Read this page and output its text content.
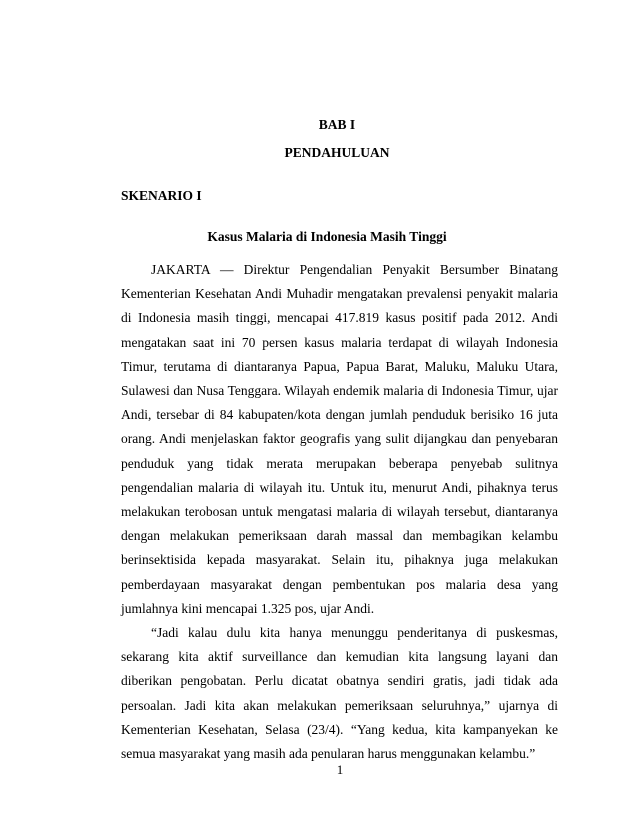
BAB I
PENDAHULUAN
SKENARIO I
Kasus Malaria di Indonesia Masih Tinggi

JAKARTA — Direktur Pengendalian Penyakit Bersumber Binatang Kementerian Kesehatan Andi Muhadir mengatakan prevalensi penyakit malaria di Indonesia masih tinggi, mencapai 417.819 kasus positif pada 2012. Andi mengatakan saat ini 70 persen kasus malaria terdapat di wilayah Indonesia Timur, terutama di diantaranya Papua, Papua Barat, Maluku, Maluku Utara, Sulawesi dan Nusa Tenggara. Wilayah endemik malaria di Indonesia Timur, ujar Andi, tersebar di 84 kabupaten/kota dengan jumlah penduduk berisiko 16 juta orang. Andi menjelaskan faktor geografis yang sulit dijangkau dan penyebaran penduduk yang tidak merata merupakan beberapa penyebab sulitnya pengendalian malaria di wilayah itu. Untuk itu, menurut Andi, pihaknya terus melakukan terobosan untuk mengatasi malaria di wilayah tersebut, diantaranya dengan melakukan pemeriksaan darah massal dan membagikan kelambu berinsektisida kepada masyarakat. Selain itu, pihaknya juga melakukan pemberdayaan masyarakat dengan pembentukan pos malaria desa yang jumlahnya kini mencapai 1.325 pos, ujar Andi.

“Jadi kalau dulu kita hanya menunggu penderitanya di puskesmas, sekarang kita aktif surveillance dan kemudian kita langsung layani dan diberikan pengobatan. Perlu dicatat obatnya sendiri gratis, jadi tidak ada persoalan. Jadi kita akan melakukan pemeriksaan seluruhnya,” ujarnya di Kementerian Kesehatan, Selasa (23/4). “Yang kedua, kita kampanyekan ke semua masyarakat yang masih ada penularan harus menggunakan kelambu.”

1
